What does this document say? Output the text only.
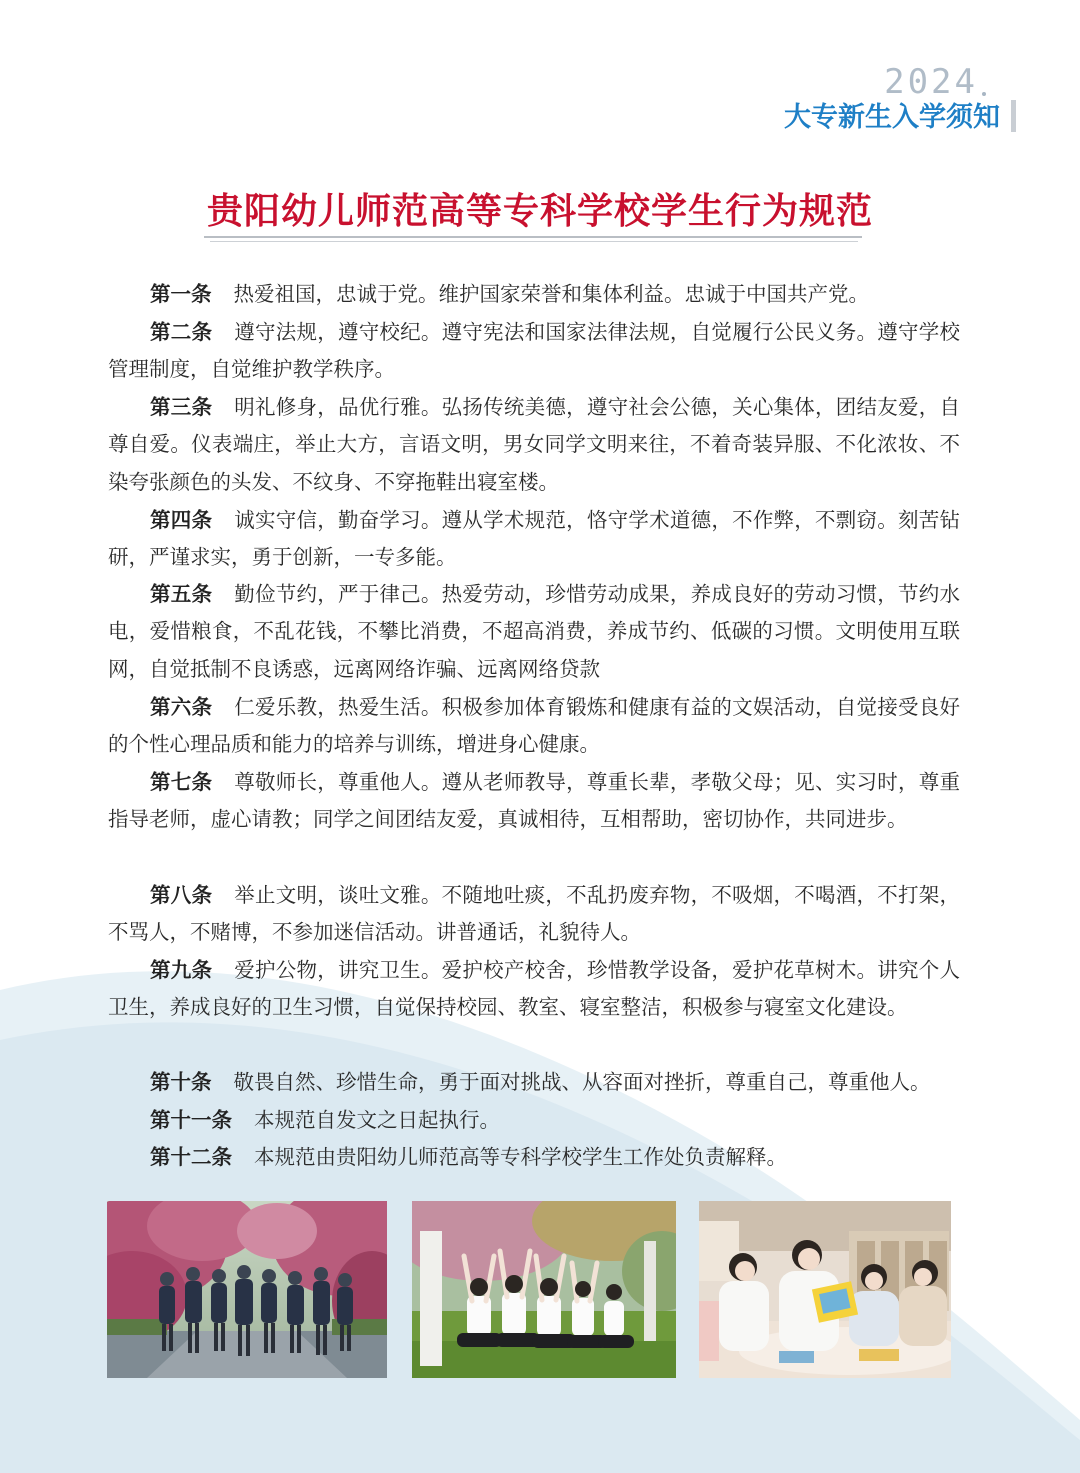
2024
大专新生入学须知
贵阳幼儿师范高等专科学校学生行为规范

第一条 热爱祖国，忠诚于党。维护国家荣誉和集体利益。忠诚于中国共产党。

第二条 遵守法规，遵守校纪。遵守宪法和国家法律法规，自觉履行公民义务。遵守学校管理制度，自觉维护教学秩序。

第三条 明礼修身，品优行雅。弘扬传统美德，遵守社会公德，关心集体，团结友爱，自尊自爱。仪表端庄，举止大方，言语文明，男女同学文明来往，不着奇装异服、不化浓妆、不染夸张颜色的头发、不纹身、不穿拖鞋出寝室楼。

第四条 诚实守信，勤奋学习。遵从学术规范，恪守学术道德，不作弊，不剽窃。刻苦钻研，严谨求实，勇于创新，一专多能。

第五条 勤俭节约，严于律己。热爱劳动，珍惜劳动成果，养成良好的劳动习惯，节约水电，爱惜粮食，不乱花钱，不攀比消费，不超高消费，养成节约、低碳的习惯。文明使用互联网，自觉抵制不良诱惑，远离网络诈骗、远离网络贷款

第六条 仁爱乐教，热爱生活。积极参加体育锻炼和健康有益的文娱活动，自觉接受良好的个性心理品质和能力的培养与训练，增进身心健康。

第七条 尊敬师长，尊重他人。遵从老师教导，尊重长辈，孝敬父母；见、实习时，尊重指导老师，虚心请教；同学之间团结友爱，真诚相待，互相帮助，密切协作，共同进步。

第八条 举止文明，谈吐文雅。不随地吐痰，不乱扔废弃物，不吸烟，不喝酒，不打架，不骂人，不赌博，不参加迷信活动。讲普通话，礼貌待人。

第九条 爱护公物，讲究卫生。爱护校产校舍，珍惜教学设备，爱护花草树木。讲究个人卫生，养成良好的卫生习惯，自觉保持校园、教室、寝室整洁，积极参与寝室文化建设。

第十条 敬畏自然、珍惜生命，勇于面对挑战、从容面对挫折，尊重自己，尊重他人。

第十一条 本规范自发文之日起执行。

第十二条 本规范由贵阳幼儿师范高等专科学校学生工作处负责解释。
